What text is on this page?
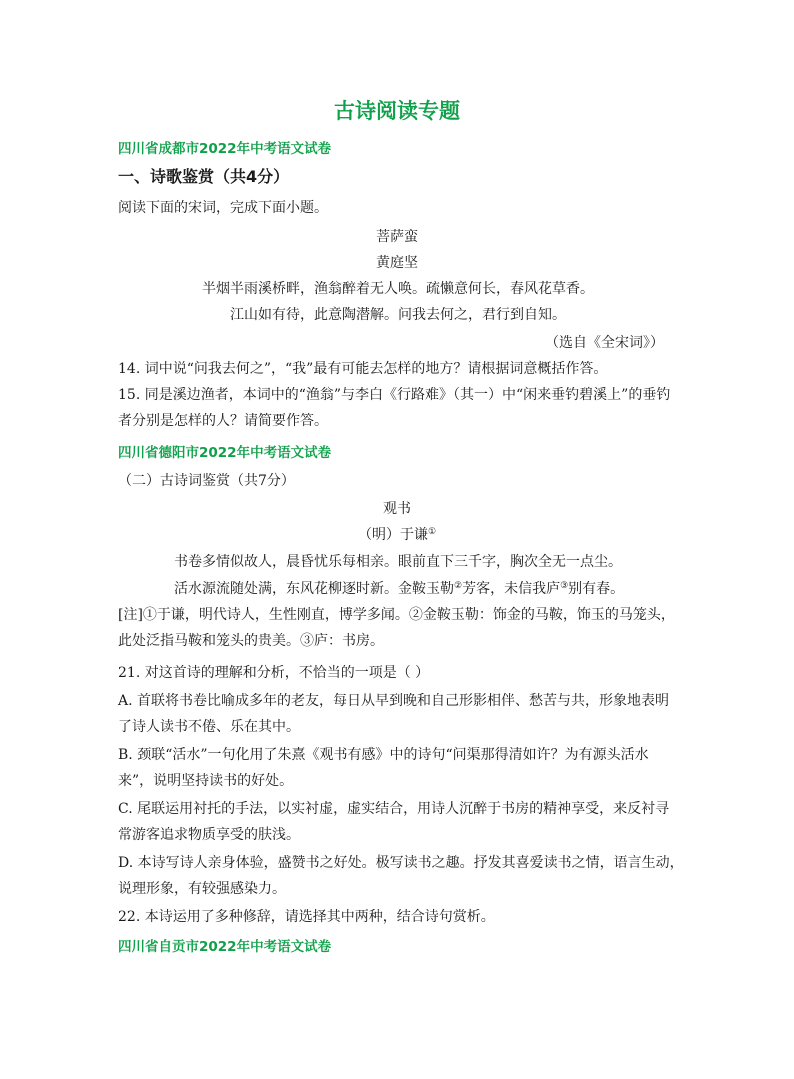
古诗阅读专题
四川省成都市2022年中考语文试卷
一、诗歌鉴赏（共4分）
阅读下面的宋词，完成下面小题。
菩萨蛮
黄庭坚
半烟半雨溪桥畔，渔翁醉着无人唤。疏懒意何长，春风花草香。
江山如有待，此意陶潜解。问我去何之，君行到自知。
（选自《全宋词》）
14. 词中说“问我去何之”，“我”最有可能去怎样的地方？请根据词意概括作答。
15. 同是溪边渔者，本词中的“渔翁”与李白《行路难》（其一）中“闲来垂钓碧溪上”的垂钓
者分别是怎样的人？请简要作答。
四川省德阳市2022年中考语文试卷
（二）古诗词鉴赏（共7分）
观书
（明）于谦①
书卷多情似故人，晨昏忧乐每相亲。眼前直下三千字，胸次全无一点尘。
活水源流随处满，东风花柳逐时新。金鞍玉勒②芳客，未信我庐③别有春。
[注]①于谦，明代诗人，生性刚直，博学多闻。②金鞍玉勒：饰金的马鞍，饰玉的马笼头，
此处泛指马鞍和笼头的贵美。③庐：书房。
21. 对这首诗的理解和分析，不恰当的一项是（ ）
A. 首联将书卷比喻成多年的老友，每日从早到晚和自己形影相伴、愁苦与共，形象地表明
了诗人读书不倦、乐在其中。
B. 颈联“活水”一句化用了朱熹《观书有感》中的诗句“问渠那得清如许？为有源头活水
来”，说明坚持读书的好处。
C. 尾联运用衬托的手法，以实衬虚，虚实结合，用诗人沉醉于书房的精神享受，来反衬寻
常游客追求物质享受的肤浅。
D. 本诗写诗人亲身体验，盛赞书之好处。极写读书之趣。抒发其喜爱读书之情，语言生动，
说理形象，有较强感染力。
22. 本诗运用了多种修辞，请选择其中两种，结合诗句赏析。
四川省自贡市2022年中考语文试卷
